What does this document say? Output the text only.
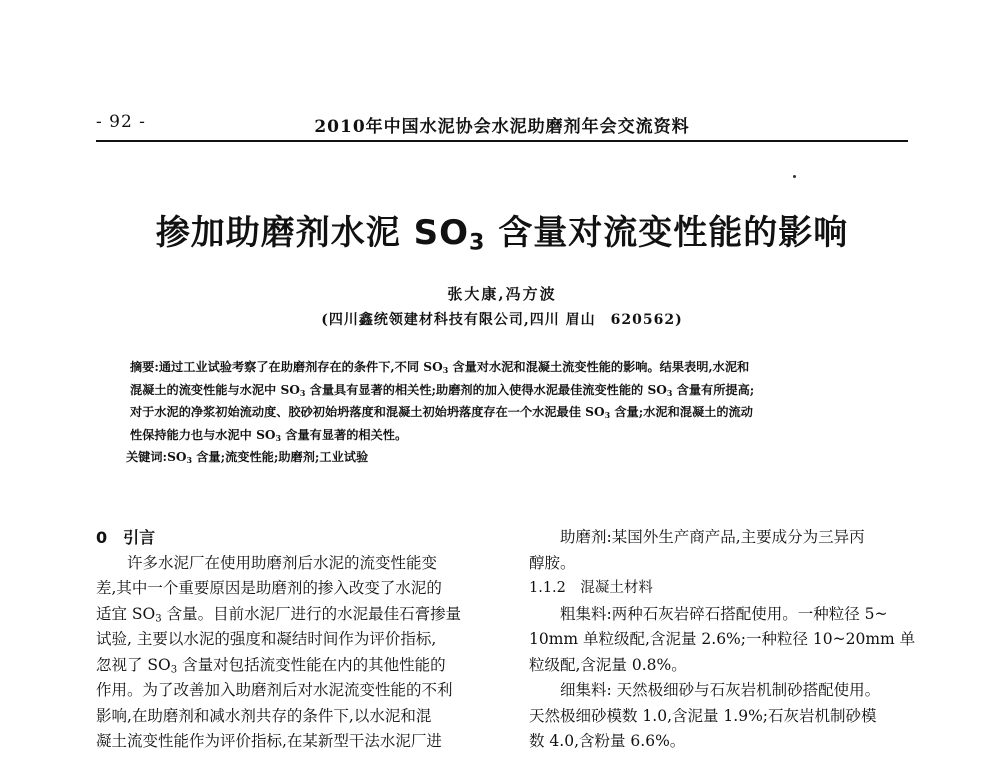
- 92 -	2010年中国水泥协会水泥助磨剂年会交流资料
掺加助磨剂水泥 $SO_3$ 含量对流变性能的影响
张大康,冯方波
(四川鑫统领建材科技有限公司,四川 眉山　620562)
摘要:通过工业试验考察了在助磨剂存在的条件下,不同 $SO_3$ 含量对水泥和混凝土流变性能的影响。结果表明,水泥和
混凝土的流变性能与水泥中 $SO_3$ 含量具有显著的相关性;助磨剂的加入使得水泥最佳流变性能的 $SO_3$ 含量有所提高;
对于水泥的净浆初始流动度、胶砂初始坍落度和混凝土初始坍落度存在一个水泥最佳 $SO_3$ 含量;水泥和混凝土的流动
性保持能力也与水泥中 $SO_3$ 含量有显著的相关性。
关键词$:SO_3$ 含量;流变性能;助磨剂;工业试验
0　引言
许多水泥厂在使用助磨剂后水泥的流变性能变
差,其中一个重要原因是助磨剂的掺入改变了水泥的
适宜 $SO_3$ 含量。目前水泥厂进行的水泥最佳石膏掺量
试验, 主要以水泥的强度和凝结时间作为评价指标,
忽视了 $SO_3$ 含量对包括流变性能在内的其他性能的
作用。为了改善加入助磨剂后对水泥流变性能的不利
影响,在助磨剂和减水剂共存的条件下,以水泥和混
凝土流变性能作为评价指标,在某新型干法水泥厂进
助磨剂:某国外生产商产品,主要成分为三异丙
醇胺。
1.1.2　混凝土材料
粗集料:两种石灰岩碎石搭配使用。一种粒径 5~
10mm 单粒级配,含泥量 2.6%;一种粒径 10~20mm 单
粒级配,含泥量 0.8%。
细集料: 天然极细砂与石灰岩机制砂搭配使用。
天然极细砂模数 1.0,含泥量 1.9%;石灰岩机制砂模
数 4.0,含粉量 6.6%。
